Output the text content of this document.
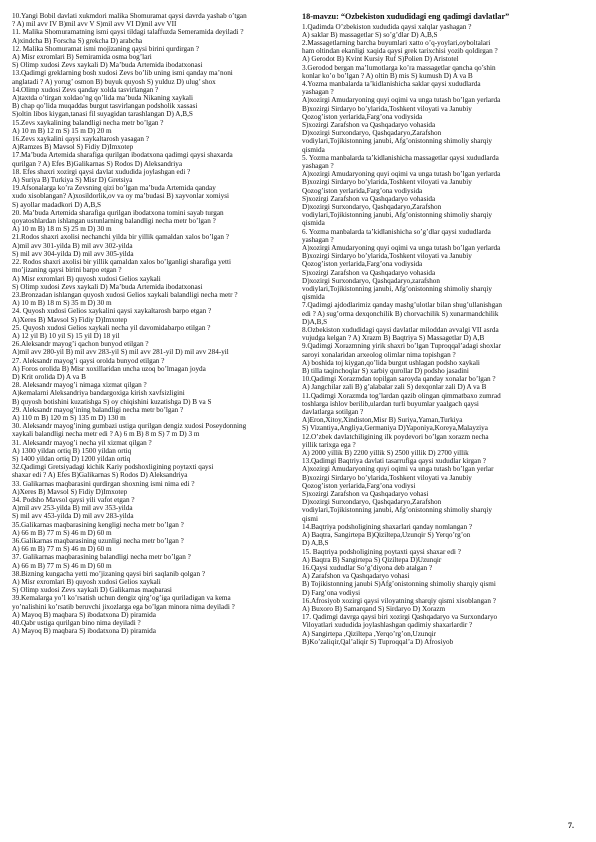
10.Yangi Bobil davlati xukmdori malika Shomuramat qaysi davrda yashab o’tgan
? A) mil avv IV B)mil avv V S)mil avv VI D)mil avv VII
11. Malika Shomuramatning ismi qaysi tildagi talaffuzda Semeramida deyiladi ?
A)xindcha B) Forscha S) grekcha D) arabcha
12. Malika Shomuramat ismi mojizaning qaysi birini qurdirgan ?
A) Misr exromlari B) Semiramida osma bog’lari
S) Olimp xudosi Zevs xaykali D) Ma’buda Artemida ibodatxonasi
13.Qadimgi greklarning bosh xudosi Zevs bo’lib uning ismi qanday ma’noni
anglatadi ? A) yorug’ osmon B) buyuk quyosh S) yulduz D) ulug’ shox
14.Olimp xudosi Zevs qanday xolda tasvirlangan ?
A)taxtda o’tirgan xoldao’ng qo’lida ma’buda Nikaning xaykali
B) chap qo’lida muqaddas burgut tasvirlangan podsholik xassasi
S)oltin libos kiygan,tanasi fil suyagidan tarashlangan D) A,B,S
15.Zevs xaykalining balandligi necha metr bo’lgan ?
A) 10 m B) 12 m S) 15 m D) 20 m
16.Zevs xaykalini qaysi xaykaltarosh yasagan ?
A)Ramzes B) Mavsol S) Fidiy D)Imxotep
17.Ma’buda Artemida sharafiga qurilgan ibodatxona qadimgi qaysi shaxarda
qurilgan ? A) Efes B)Galikarnas S) Rodos D) Aleksandriya
18. Efes shaxri xozirgi qaysi davlat xududida joylashgan edi ?
A) Suriya B) Turkiya S) Misr D) Gretsiya
19.Afsonalarga ko’ra Zevsning qizi bo’lgan ma’buda Artemida qanday
xudo xisoblangan? A)xosildorlik,ov va oy ma’budasi B) xayvonlar xomiysi
S) ayollar madadkori D) A,B,S
20. Ma’buda Artemida sharafiga qurilgan ibodatxona tomini sayab turgan
qoyatoshlardan ishlangan ustunlarning balandligi necha metr bo’lgan ?
A) 10 m B) 18 m S) 25 m D) 30 m
21.Rodos shaxri axolisi nechanchi yilda bir yillik qamaldan xalos bo’lgan ?
A)mil avv 301-yilda B) mil avv 302-yilda
S) mil avv 304-yilda D) mil avv 305-yilda
22. Rodos shaxri axolisi bir yillik qamaldan xalos bo’lganligi sharafiga yetti
mo’jizaning qaysi birini barpo etgan ?
A) Misr exromlari B) quyosh xudosi Gelios xaykali
S) Olimp xudosi Zevs xaykali D) Ma’buda Artemida ibodatxonasi
23.Bronzadan ishlangan quyosh xudosi Gelios xaykali balandligi necha metr ?
A) 10 m B) 18 m S) 35 m D) 30 m
24. Quyosh xudosi Gelios xaykalini qaysi xaykaltarosh barpo etgan ?
A)Xeres B) Mavsol S) Fidiy D)Imxotep
25. Quyosh xudosi Gelios xaykali necha yil davomidabarpo etilgan ?
A) 12 yil B) 10 yil S) 15 yil D) 18 yil
26.Aleksandr mayog’i qachon bunyod etilgan ?
A)mil avv 280-yil B) mil avv 283-yil S) mil avv 281-yil D) mil avv 284-yil
27. Aleksandr mayog’i qaysi orolda bunyod etilgan ?
A) Foros orolida B) Misr xoxillaridan uncha uzoq bo’lmagan joyda
D) Krit orolida D) A va B
28. Aleksandr mayog’i nimaga xizmat qilgan ?
A)kemalarni Aleksandriya bandargoxiga kirish xavfsizligini
B) quyosh botishini kuzatishga S) oy chiqishini kuzatishga D) B va S
29. Aleksandr mayog’ining balandligi necha metr bo’lgan ?
A) 110 m B) 120 m S) 135 m D) 130 m
30. Aleksandr mayog’ining gumbazi ustiga qurilgan dengiz xudosi Poseydonning
xaykali balandligi necha metr edi ? A) 6 m B) 8 m S) 7 m D) 3 m
31. Aleksandr mayog’i necha yil xizmat qilgan ?
A) 1300 yildan ortiq B) 1500 yildan ortiq
S) 1400 yildan ortiq D) 1200 yildan ortiq
32.Qadimgi Gretsiyadagi kichik Kariy podshoxligining poytaxti qaysi
shaxar edi ? A) Efes B)Galikarnas S) Rodos D) Aleksandriya
33. Galikarnas maqbarasini qurdirgan shoxning ismi nima edi ?
A)Xeres B) Mavsol S) Fidiy D)Imxotep
34. Podsho Mavsol qaysi yili vafot etgan ?
A)mil avv 253-yilda B) mil avv 353-yilda
S) mil avv 453-yilda D) mil avv 283-yilda
35.Galikarnas maqbarasining kengligi necha metr bo’lgan ?
A) 66 m B) 77 m S) 46 m D) 60 m
36.Galikarnas maqbarasining uzunligi necha metr bo’lgan ?
A) 66 m B) 77 m S) 46 m D) 60 m
37. Galikarnas maqbarasining balandligi necha metr bo’lgan ?
A) 66 m B) 77 m S) 46 m D) 60 m
38.Bizning kungacha yetti mo’jizaning qaysi biri saqlanib qolgan ?
A) Misr exromlari B) quyosh xudosi Gelios xaykali
S) Olimp xudosi Zevs xaykali D) Galikarnas maqbarasi
39.Kemalarga yo’l ko’rsatish uchun dengiz qirg’og’iga quriladigan va kema
yo’nalishini ko’rsatib beruvchi jixozlarga ega bo’lgan minora nima deyiladi ?
A) Mayoq B) maqbara S) ibodatxona D) piramida
40.Qabr ustiga qurilgan bino nima deyiladi ?
A) Mayoq B) maqbara S) ibodatxona D) piramida
18-mavzu: “Ozbekiston xududidagi eng qadimgi davlatlar”
1.Qadimda O’zbekiston xududida qaysi xalqlar yashagan ?
A) saklar B) massagetlar S) so’g’dlar D) A,B,S
2.Massagetlarning barcha buyumlari xatto o’q-yoylari,oyboltalari
ham oltindan ekanligi xaqida qaysi grek tarixchisi yozib qoldirgan ?
A) Gerodot B) Kvint Kursiy Ruf S)Polien D) Aristotel
3.Gerodod bergan ma’lumotlarga ko’ra massagetlar qancha qo’shin
konlar ko’o bo’lgan ? A) oltin B) mis S) kumush D) A va B
4.Yozma manbalarda ta’kidlanishicha saklar qaysi xududlarda
yashagan ?
A)xozirgi Amudaryoning quyi oqimi va unga tutash bo’lgan yerlarda
B)xozirgi Sirdaryo bo’ylarida,Toshkent viloyati va Janubiy
Qozog’iston yerlarida,Farg’ona vodiysida
S)xozirgi Zarafshon va Qashqadaryo vohasida
D)xozirgi Surxondaryo, Qashqadaryo,Zarafshon
vodiylari,Tojikistonning janubi, Afg’onistonning shimoliy sharqiy
qismida
5. Yozma manbalarda ta’kidlanishicha massagetlar qaysi xududlarda
yashagan ?
A)xozirgi Amudaryoning quyi oqimi va unga tutash bo’lgan yerlarda
B)xozirgi Sirdaryo bo’ylarida,Toshkent viloyati va Janubiy
Qozog’iston yerlarida,Farg’ona vodiysida
S)xozirgi Zarafshon va Qashqadaryo vohasida
D)xozirgi Surxondaryo, Qashqadaryo,Zarafshon
vodiylari,Tojikistonning janubi, Afg’onistonning shimoliy sharqiy
qismida
6. Yozma manbalarda ta’kidlanishicha so’g’dlar qaysi xududlarda
yashagan ?
A)xozirgi Amudaryoning quyi oqimi va unga tutash bo’lgan yerlarda
B)xozirgi Sirdaryo bo’ylarida,Toshkent viloyati va Janubiy
Qozog’iston yerlarida,Farg’ona vodiysida
S)xozirgi Zarafshon va Qashqadaryo vohasida
D)xozirgi Surxondaryo, Qashqadaryo,zarafshon
vodiylari,Tojikistonning janubi, Afg’onistonning shimoliy sharqiy
qismida
7.Qadimgi ajdodlarimiz qanday mashg’ulotlar bilan shug’ullanishgan
edi ? A) sug’orma dexqonchilik B) chorvachilik S) xunarmandchilik
D)A,B,S
8.Ozbekiston xududidagi qaysi davlatlar miloddan avvalgi VII asrda
vujudga kelgan ? A) Xrazm B) Baqtriya S) Massagetlar D) A,B
9.Qadimgi Xorazmning yirik shaxri bo’lgan Tuproqqal’adagi shoxlar
saroyi xonalaridan arxeolog olimlar nima topishgan ?
A) boshida toj kiygan,qo’lida burgut ushlagan podsho xaykali
B) tilla taqinchoqlar S) xarbiy qurollar D) podsho jasadini
10.Qadimgi Xorazmdan topilgan saroyda qanday xonalar bo’lgan ?
A) Jangchilar zali B) g’alabalar zali S) dexqonlar zali D) A va B
11.Qadimgi Xorazmda tog’lardan qazib olingan qimmatbaxo zumrad
toshlarga ishlov berilib,ulardan turli buyumlar yaalgach qaysi
davlatlarga sotilgan ?
A)Eron,Xitoy,Xindiston,Misr B) Suriya,Yaman,Turkiya
S) Vizantiya,Angliya,Germaniya D)Yaponiya,Koreya,Malayziya
12.O’zbek davlatchiligining ilk poydevori bo’lgan xorazm necha
yillik tarixga ega ?
A) 2000 yillik B) 2200 yillik S) 2500 yillik D) 2700 yillik
13.Qadimgi Baqtriya davlati tasarrufiga qaysi xududlar kirgan ?
A)xozirgi Amudaryoning quyi oqimi va unga tutash bo’lgan yerlar
B)xozirgi Sirdaryo bo’ylarida,Toshkent viloyati va Janubiy
Qozog’iston yerlarida,Farg’ona vodiysi
S)xozirgi Zarafshon va Qashqadaryo vohasi
D)xozirgi Surxondaryo, Qashqadaryo,Zarafshon
vodiylari,Tojikistonning janubi, Afg’onistonning shimoliy sharqiy
qismi
14.Baqtriya podsholigining shaxarlari qanday nomlangan ?
A) Baqtra, Sangirtepa B)Qiziltepa,Uzunqir S) Yerqo’rg’on
D) A,B,S
15. Baqtriya podsholigining poytaxti qaysi shaxar edi ?
A) Baqtra B) Sangirtepa S) Qiziltepa D)Uzunqir
16.Qaysi xududlar So’g’diyona deb atalgan ?
A) Zarafshon va Qashqadaryo vohasi
B) Tojikistonning janubi S)Afg’onistonning shimoliy sharqiy qismi
D) Farg’ona vodiysi
16.Afrosiyob xozirgi qaysi viloyatning sharqiy qismi xisoblangan ?
A) Buxoro B) Samarqand S) Sirdaryo D) Xorazm
17. Qadimgi davrga qaysi biri xozirgi Qashqadaryo va Surxondaryo
Viloyatlari xududida joylashlashgan qadimiy shaxarlardir ?
A) Sangirtepa ,Qiziltepa ,Yerqo’rg’on,Uzunqir
B)Ko’zaliqir,Qal’aliqir S) Tuproqqal’a D) Afrosiyob
7.
